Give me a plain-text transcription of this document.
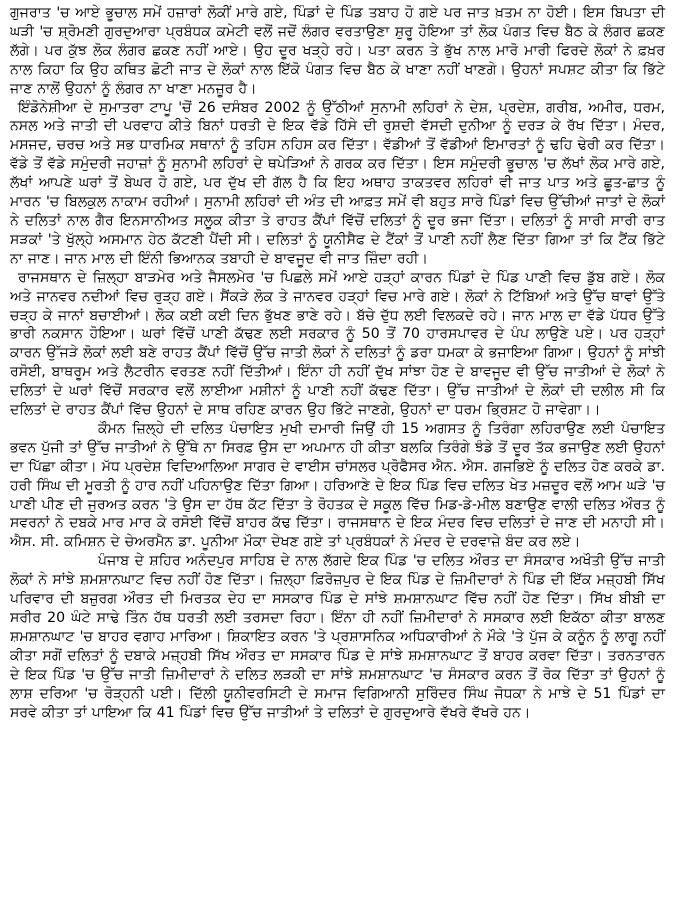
ਗੁਜਰਾਤ 'ਚ ਆਏ ਭੂਚਾਲ ਸਮੇਂ ਹਜ਼ਾਰਾਂ ਲੋਕੀਂ ਮਾਰੇ ਗਏ, ਪਿੰਡਾਂ ਦੇ ਪਿੰਡ ਤਬਾਹ ਹੋ ਗਏ ਪਰ ਜਾਤ ਖ਼ਤਮ ਨਾ ਹੋਈ। ਇਸ ਬਿਪਤਾ ਦੀ ਘੜੀ 'ਚ ਸ਼੍ਰੋਮਣੀ ਗੁਰਦੁਆਰਾ ਪ੍ਰਬੰਧਕ ਕਮੇਟੀ ਵਲੋਂ ਜਦੋਂ ਲੰਗਰ ਵਰਤਾਉਣਾ ਸ਼ੁਰੂ ਹੋਇਆ ਤਾਂ ਲੋਕ ਪੰਗਤ ਵਿਚ ਬੈਠ ਕੇ ਲੰਗਰ ਛਕਣ ਲੱਗੇ। ਪਰ ਕੁੱਝ ਲੋਕ ਲੰਗਰ ਛਕਣ ਨਹੀਂ ਆਏ। ਉਹ ਦੂਰ ਖੜ੍ਹੇ ਰਹੇ। ਪਤਾ ਕਰਨ ਤੇ ਭੁੱਖ ਨਾਲ ਮਾਰੋ ਮਾਰੀ ਫਿਰਦੇ ਲੋਕਾਂ ਨੇ ਫ਼ਖ਼ਰ ਨਾਲ ਕਿਹਾ ਕਿ ਉਹ ਕਥਿਤ ਛੋਟੀ ਜਾਤ ਦੇ ਲੋਕਾਂ ਨਾਲ ਇੱਕੋ ਪੰਗਤ ਵਿਚ ਬੈਠ ਕੇ ਖਾਣਾ ਨਹੀਂ ਖਾਣਗੇ। ਉਹਨਾਂ ਸਪਸ਼ਟ ਕੀਤਾ ਕਿ ਭਿੱਟੇ ਜਾਣ ਨਾਲੋਂ ਉਹਨਾਂ ਨੂੰ ਲੰਗਰ ਨਾ ਖਾਣਾ ਮਨਜ਼ੂਰ ਹੈ।

ਇੰਡੋਨੇਸ਼ੀਆ ਦੇ ਸੁਮਾਤਰਾ ਟਾਪੂ 'ਚੋਂ 26 ਦਸੰਬਰ 2002 ਨੂੰ ਉੱਠੀਆਂ ਸੁਨਾਮੀ ਲਹਿਰਾਂ ਨੇ ਦੇਸ਼, ਪ੍ਰਦੇਸ਼, ਗਰੀਬ, ਅਮੀਰ, ਧਰਮ, ਨਸਲ ਅਤੇ ਜਾਤੀ ਦੀ ਪਰਵਾਹ ਕੀਤੇ ਬਿਨਾਂ ਧਰਤੀ ਦੇ ਇਕ ਵੱਡੇ ਹਿੱਸੇ ਦੀ ਰੁਸ਼ਦੀ ਵੱਸਦੀ ਦੁਨੀਆ ਨੂੰ ਦਰੜ ਕੇ ਰੱਖ ਦਿੱਤਾ। ਮੰਦਰ, ਮਸਜਦ, ਚਰਚ ਅਤੇ ਸਭ ਧਾਰਮਿਕ ਸਥਾਨਾਂ ਨੂੰ ਤਹਿਸ ਨਹਿਸ ਕਰ ਦਿੱਤਾ। ਵੱਡੀਆਂ ਤੋਂ ਵੱਡੀਆਂ ਇਮਾਰਤਾਂ ਨੂੰ ਢਹਿ ਢੇਰੀ ਕਰ ਦਿੱਤਾ। ਵੱਡੇ ਤੋਂ ਵੱਡੇ ਸਮੁੰਦਰੀ ਜਹਾਜ਼ਾਂ ਨੂੰ ਸੁਨਾਮੀ ਲਹਿਰਾਂ ਦੇ ਥਪੇੜਿਆਂ ਨੇ ਗਰਕ ਕਰ ਦਿੱਤਾ। ਇਸ ਸਮੁੰਦਰੀ ਭੂਚਾਲ 'ਚ ਲੱਖਾਂ ਲੋਕ ਮਾਰੇ ਗਏ, ਲੱਖਾਂ ਆਪਣੇ ਘਰਾਂ ਤੋਂ ਬੇਘਰ ਹੋ ਗਏ, ਪਰ ਦੁੱਖ ਦੀ ਗੱਲ ਹੈ ਕਿ ਇਹ ਅਥਾਹ ਤਾਕਤਵਰ ਲਹਿਰਾਂ ਵੀ ਜਾਤ ਪਾਤ ਅਤੇ ਛੂਤ-ਛਾਤ ਨੂੰ ਮਾਰਨ 'ਚ ਬਿਲਕੁਲ ਨਾਕਾਮ ਰਹੀਆਂ। ਸੁਨਾਮੀ ਲਹਿਰਾਂ ਦੀ ਅੰਤ ਦੀ ਆਫ਼ਤ ਸਮੇਂ ਵੀ ਬਹੁਤ ਸਾਰੇ ਪਿੰਡਾਂ ਵਿਚ ਉੱਚੀਆਂ ਜਾਤਾਂ ਦੇ ਲੋਕਾਂ ਨੇ ਦਲਿਤਾਂ ਨਾਲ ਗੈਰ ਇਨਸਾਨੀਅਤ ਸਲੂਕ ਕੀਤਾ ਤੇ ਰਾਹਤ ਕੈਂਪਾਂ ਵਿੱਚੋਂ ਦਲਿਤਾਂ ਨੂੰ ਦੂਰ ਭਜਾ ਦਿੱਤਾ। ਦਲਿਤਾਂ ਨੂੰ ਸਾਰੀ ਸਾਰੀ ਰਾਤ ਸੜਕਾਂ 'ਤੇ ਖੁੱਲ੍ਹੇ ਅਸਮਾਨ ਹੇਠ ਕੱਟਣੀ ਪੈਂਦੀ ਸੀ। ਦਲਿਤਾਂ ਨੂੰ ਯੂਨੀਸੈਫ ਦੇ ਟੈਂਕਾਂ ਤੋਂ ਪਾਣੀ ਨਹੀਂ ਲੈਣ ਦਿੱਤਾ ਗਿਆ ਤਾਂ ਕਿ ਟੈਂਕ ਭਿੱਟੇ ਨਾ ਜਾਣ। ਜਾਨ ਮਾਲ ਦੀ ਇੰਨੀ ਭਿਆਨਕ ਤਬਾਹੀ ਦੇ ਬਾਵਜੂਦ ਵੀ ਜਾਤ ਜ਼ਿੰਦਾ ਰਹੀ।

ਰਾਜਸਥਾਨ ਦੇ ਜ਼ਿਲ੍ਹਾ ਬਾੜਮੇਰ ਅਤੇ ਜੈਸਲਮੇਰ 'ਚ ਪਿਛਲੇ ਸਮੇਂ ਆਏ ਹੜ੍ਹਾਂ ਕਾਰਨ ਪਿੰਡਾਂ ਦੇ ਪਿੰਡ ਪਾਣੀ ਵਿਚ ਡੁੱਬ ਗਏ। ਲੋਕ ਅਤੇ ਜਾਨਵਰ ਨਦੀਆਂ ਵਿਚ ਰੁੜ੍ਹ ਗਏ। ਸੈਂਕੜੇ ਲੋਕ ਤੇ ਜਾਨਵਰ ਹੜ੍ਹਾਂ ਵਿਚ ਮਾਰੇ ਗਏ। ਲੋਕਾਂ ਨੇ ਟਿੱਬਿਆਂ ਅਤੇ ਉੱਚ ਥਾਵਾਂ ਉੱਤੇ ਚੜ੍ਹ ਕੇ ਜਾਨਾਂ ਬਚਾਈਆਂ। ਲੋਕ ਕਈ ਕਈ ਦਿਨ ਭੁੱਖਣ ਭਾਣੇ ਰਹੇ। ਬੱਚੇ ਦੁੱਧ ਲਈ ਵਿਲਕਦੇ ਰਹੇ। ਜਾਨ ਮਾਲ ਦਾ ਵੱਡੇ ਪੱਧਰ ਉੱਤੇ ਭਾਰੀ ਨਕਸਾਨ ਹੋਇਆ। ਘਰਾਂ ਵਿੱਚੋਂ ਪਾਣੀ ਕੱਢਣ ਲਈ ਸਰਕਾਰ ਨੂੰ 50 ਤੋਂ 70 ਹਾਰਸਪਾਵਰ ਦੇ ਪੰਪ ਲਾਉਣੇ ਪਏ। ਪਰ ਹੜ੍ਹਾਂ ਕਾਰਨ ਉੱਜੜੇ ਲੋਕਾਂ ਲਈ ਬਣੇ ਰਾਹਤ ਕੈਂਪਾਂ ਵਿੱਚੋਂ ਉੱਚ ਜਾਤੀ ਲੋਕਾਂ ਨੇ ਦਲਿਤਾਂ ਨੂੰ ਡਰਾ ਧਮਕਾ ਕੇ ਭਜਾਇਆ ਗਿਆ। ਉਹਨਾਂ ਨੂੰ ਸਾਂਝੀ ਰਸੋਈ, ਬਾਥਰੂਮ ਅਤੇ ਲੈਟਰੀਨ ਵਰਤਣ ਨਹੀਂ ਦਿੱਤੀਆਂ। ਇੰਨਾ ਹੀ ਨਹੀਂ ਦੁੱਖ ਸਾਂਝਾ ਹੋਣ ਦੇ ਬਾਵਜੂਦ ਵੀ ਉੱਚ ਜਾਤੀਆਂ ਦੇ ਲੋਕਾਂ ਨੇ ਦਲਿਤਾਂ ਦੇ ਘਰਾਂ ਵਿੱਚੋਂ ਸਰਕਾਰ ਵਲੋਂ ਲਾਈਆ ਮਸ਼ੀਨਾਂ ਨੂੰ ਪਾਣੀ ਨਹੀਂ ਕੱਢਣ ਦਿੱਤਾ। ਉੱਚ ਜਾਤੀਆਂ ਦੇ ਲੋਕਾਂ ਦੀ ਦਲੀਲ ਸੀ ਕਿ ਦਲਿਤਾਂ ਦੇ ਰਾਹਤ ਕੈਂਪਾਂ ਵਿੱਚ ਉਹਨਾਂ ਦੇ ਸਾਥ ਰਹਿਣ ਕਾਰਨ ਉਹ ਭਿੱਟੇ ਜਾਣਗੇ, ਉਹਨਾਂ ਦਾ ਧਰਮ ਭ੍ਰਿਸ਼ਟ ਹੋ ਜਾਵੇਗਾ।।

ਕੌਮਨ ਜ਼ਿਲ੍ਹੇ ਦੀ ਦਲਿਤ ਪੰਚਾਇਤ ਮੁਖੀ ਦਮਾਰੀ ਜਿਉਂ ਹੀ 15 ਅਗਸਤ ਨੂੰ ਤਿਰੰਗਾ ਲਹਿਰਾਉਣ ਲਈ ਪੰਚਾਇਤ ਭਵਨ ਪੁੱਜੀ ਤਾਂ ਉੱਚ ਜਾਤੀਆਂ ਨੇ ਉੱਥੇ ਨਾ ਸਿਰਫ਼ ਉਸ ਦਾ ਅਪਮਾਨ ਹੀ ਕੀਤਾ ਬਲਕਿ ਤਿਰੰਗੇ ਝੰਡੇ ਤੋਂ ਦੂਰ ਤੱਕ ਭਜਾਉਣ ਲਈ ਉਹਨਾਂ ਦਾ ਪਿੱਛਾ ਕੀਤਾ। ਮੱਧ ਪ੍ਰਦੇਸ਼ ਵਿਦਿਆਲਿਆ ਸਾਗਰ ਦੇ ਵਾਈਸ ਚਾਂਸਲਰ ਪ੍ਰੋਫੈਸਰ ਐਨ. ਐਸ. ਗਜਭਿਏ ਨੂੰ ਦਲਿਤ ਹੋਣ ਕਰਕੇ ਡਾ. ਹਰੀ ਸਿੰਘ ਦੀ ਮੂਰਤੀ ਨੂੰ ਹਾਰ ਨਹੀਂ ਪਹਿਨਾਉਣ ਦਿੱਤਾ ਗਿਆ। ਹਰਿਆਣੇ ਦੇ ਇਕ ਪਿੰਡ ਵਿਚ ਦਲਿਤ ਖੇਤ ਮਜ਼ਦੂਰ ਵਲੋਂ ਆਮ ਘੜੇ 'ਚ ਪਾਣੀ ਪੀਣ ਦੀ ਜੁਰਅਤ ਕਰਨ 'ਤੇ ਉਸ ਦਾ ਹੱਥ ਕੱਟ ਦਿੱਤਾ ਤੇ ਰੋਹਤਕ ਦੇ ਸਕੂਲ ਵਿੱਚ ਮਿਡ-ਡੇ-ਮੀਲ ਬਣਾਉਣ ਵਾਲੀ ਦਲਿਤ ਔਰਤ ਨੂੰ ਸਵਰਨਾਂ ਨੇ ਦਬਕੇ ਮਾਰ ਮਾਰ ਕੇ ਰਸੋਈ ਵਿੱਚੋਂ ਬਾਹਰ ਕੱਢ ਦਿੱਤਾ। ਰਾਜਸਥਾਨ ਦੇ ਇਕ ਮੰਦਰ ਵਿਚ ਦਲਿਤਾਂ ਦੇ ਜਾਣ ਦੀ ਮਨਾਹੀ ਸੀ। ਐਸ. ਸੀ. ਕਮਿਸ਼ਨ ਦੇ ਚੇਅਰਮੈਨ ਡਾ. ਪੂਨੀਆ ਮੌਕਾ ਦੇਖਣ ਗਏ ਤਾਂ ਪ੍ਰਬੰਧਕਾਂ ਨੇ ਮੰਦਰ ਦੇ ਦਰਵਾਜ਼ੇ ਬੰਦ ਕਰ ਲਏ।

ਪੰਜਾਬ ਦੇ ਸ਼ਹਿਰ ਅਨੰਦਪੁਰ ਸਾਹਿਬ ਦੇ ਨਾਲ ਲੱਗਦੇ ਇਕ ਪਿੰਡ 'ਚ ਦਲਿਤ ਔਰਤ ਦਾ ਸੰਸਕਾਰ ਅਖੌਤੀ ਉੱਚ ਜਾਤੀ ਲੋਕਾਂ ਨੇ ਸਾਂਝੇ ਸ਼ਮਸ਼ਾਨਘਾਟ ਵਿਚ ਨਹੀਂ ਹੋਣ ਦਿੱਤਾ। ਜ਼ਿਲ੍ਹਾ ਫ਼ਿਰੋਜ਼ਪੁਰ ਦੇ ਇਕ ਪਿੰਡ ਦੇ ਜ਼ਿਮੀਦਾਰਾਂ ਨੇ ਪਿੰਡ ਦੀ ਇੱਕ ਮਜ਼੍ਹਬੀ ਸਿੱਖ ਪਰਿਵਾਰ ਦੀ ਬਜ਼ੁਰਗ ਔਰਤ ਦੀ ਮਿਰਤਕ ਦੇਹ ਦਾ ਸਸਕਾਰ ਪਿੰਡ ਦੇ ਸਾਂਝੇ ਸ਼ਮਸ਼ਾਨਘਾਟ ਵਿੱਚ ਨਹੀਂ ਹੋਣ ਦਿੱਤਾ। ਸਿੱਖ ਬੀਬੀ ਦਾ ਸਰੀਰ 20 ਘੰਟੇ ਸਾਢੇ ਤਿੰਨ ਹੱਥ ਧਰਤੀ ਲਈ ਤਰਸਦਾ ਰਿਹਾ। ਇੰਨਾ ਹੀ ਨਹੀਂ ਜ਼ਿਮੀਦਾਰਾਂ ਨੇ ਸਸਕਾਰ ਲਈ ਇਕੱਠਾ ਕੀਤਾ ਬਾਲਣ ਸ਼ਮਸ਼ਾਨਘਾਟ 'ਚ ਬਾਹਰ ਵਗਾਹ ਮਾਰਿਆ। ਸ਼ਿਕਾਇਤ ਕਰਨ 'ਤੇ ਪ੍ਰਸ਼ਾਸਨਿਕ ਅਧਿਕਾਰੀਆਂ ਨੇ ਮੌਕੇ 'ਤੇ ਪੁੱਜ ਕੇ ਕਨੂੰਨ ਨੂੰ ਲਾਗੂ ਨਹੀਂ ਕੀਤਾ ਸਗੋਂ ਦਲਿਤਾਂ ਨੂੰ ਦਬਾਕੇ ਮਜ਼੍ਹਬੀ ਸਿੱਖ ਔਰਤ ਦਾ ਸਸਕਾਰ ਪਿੰਡ ਦੇ ਸਾਂਝੇ ਸ਼ਮਸ਼ਾਨਘਾਟ ਤੋਂ ਬਾਹਰ ਕਰਵਾ ਦਿੱਤਾ। ਤਰਨਤਾਰਨ ਦੇ ਇਕ ਪਿੰਡ 'ਚ ਉੱਚ ਜਾਤੀ ਜ਼ਿਮੀਦਾਰਾਂ ਨੇ ਦਲਿਤ ਲੜਕੀ ਦਾ ਸਾਂਝੇ ਸ਼ਮਸ਼ਾਨਘਾਟ 'ਚ ਸੰਸਕਾਰ ਕਰਨ ਤੋਂ ਰੋਕ ਦਿੱਤਾ ਤਾਂ ਉਹਨਾਂ ਨੂੰ ਲਾਸ਼ ਦਰਿਆ 'ਚ ਰੋੜ੍ਹਨੀ ਪਈ। ਦਿੱਲੀ ਯੂਨੀਵਰਸਿਟੀ ਦੇ ਸਮਾਜ ਵਿਗਿਆਨੀ ਸੁਰਿੰਦਰ ਸਿੰਘ ਜੋਧਕਾ ਨੇ ਮਾਝੇ ਦੇ 51 ਪਿੰਡਾਂ ਦਾ ਸਰਵੇ ਕੀਤਾ ਤਾਂ ਪਾਇਆ ਕਿ 41 ਪਿੰਡਾਂ ਵਿਚ ਉੱਚ ਜਾਤੀਆਂ ਤੇ ਦਲਿਤਾਂ ਦੇ ਗੁਰਦੁਆਰੇ ਵੱਖਰੇ ਵੱਖਰੇ ਹਨ।
